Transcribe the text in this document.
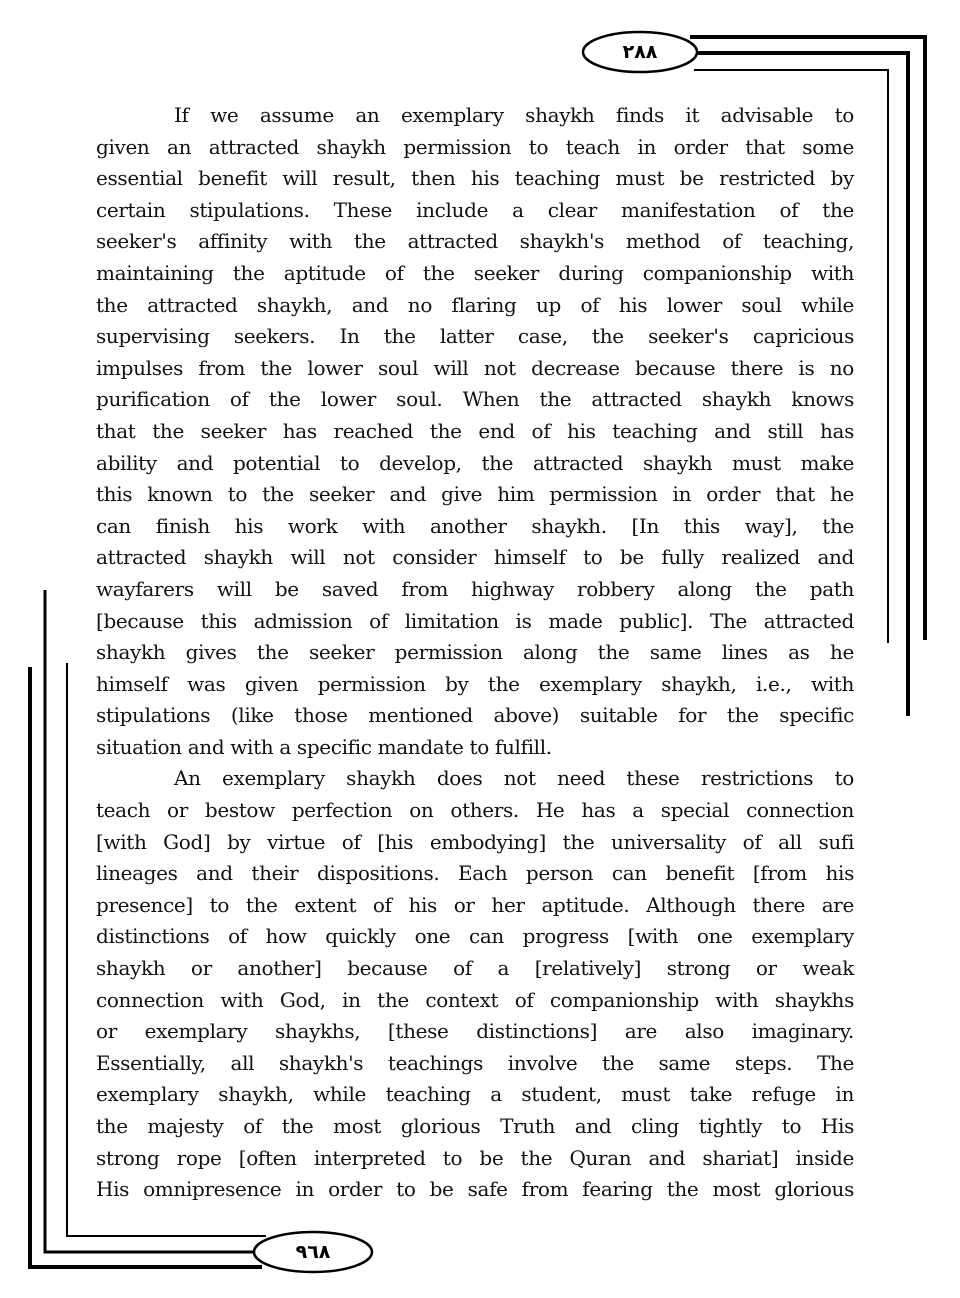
٢٨٨
٩٦٨
If we assume an exemplary shaykh finds it advisable to
given an attracted shaykh permission to teach in order that some
essential benefit will result, then his teaching must be restricted by
certain stipulations. These include a clear manifestation of the
seeker's affinity with the attracted shaykh's method of teaching,
maintaining the aptitude of the seeker during companionship with
the attracted shaykh, and no flaring up of his lower soul while
supervising seekers. In the latter case, the seeker's capricious
impulses from the lower soul will not decrease because there is no
purification of the lower soul. When the attracted shaykh knows
that the seeker has reached the end of his teaching and still has
ability and potential to develop, the attracted shaykh must make
this known to the seeker and give him permission in order that he
can finish his work with another shaykh. [In this way], the
attracted shaykh will not consider himself to be fully realized and
wayfarers will be saved from highway robbery along the path
[because this admission of limitation is made public]. The attracted
shaykh gives the seeker permission along the same lines as he
himself was given permission by the exemplary shaykh, i.e., with
stipulations (like those mentioned above) suitable for the specific
situation and with a specific mandate to fulfill.
An exemplary shaykh does not need these restrictions to
teach or bestow perfection on others. He has a special connection
[with God] by virtue of [his embodying] the universality of all sufi
lineages and their dispositions. Each person can benefit [from his
presence] to the extent of his or her aptitude. Although there are
distinctions of how quickly one can progress [with one exemplary
shaykh or another] because of a [relatively] strong or weak
connection with God, in the context of companionship with shaykhs
or exemplary shaykhs, [these distinctions] are also imaginary.
Essentially, all shaykh's teachings involve the same steps. The
exemplary shaykh, while teaching a student, must take refuge in
the majesty of the most glorious Truth and cling tightly to His
strong rope [often interpreted to be the Quran and shariat] inside
His omnipresence in order to be safe from fearing the most glorious
